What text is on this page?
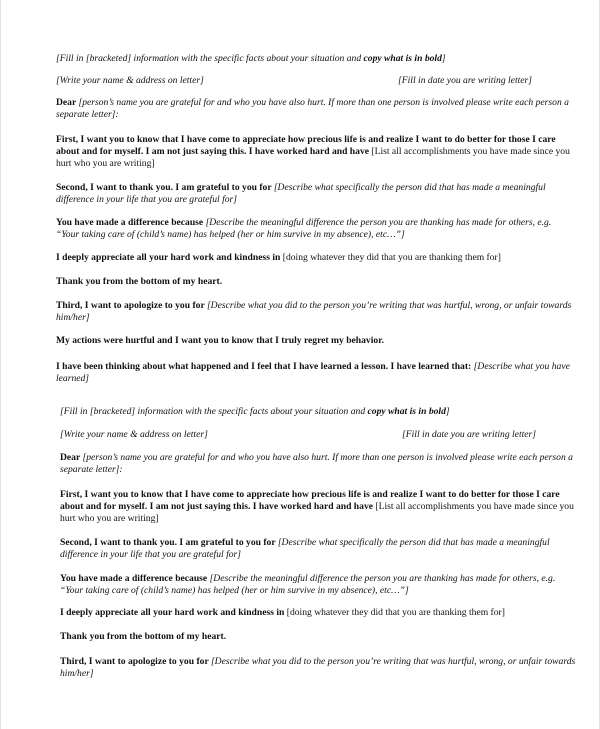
[Fill in [bracketed] information with the specific facts about your situation and copy what is in bold]

[Write your name & address on letter]	[Fill in date you are writing letter]

Dear [person’s name you are grateful for and who you have also hurt. If more than one person is involved please write each person a separate letter]:

First, I want you to know that I have come to appreciate how precious life is and realize I want to do better for those I care about and for myself. I am not just saying this. I have worked hard and have [List all accomplishments you have made since you hurt who you are writing]

Second, I want to thank you. I am grateful to you for [Describe what specifically the person did that has made a meaningful difference in your life that you are grateful for]

You have made a difference because [Describe the meaningful difference the person you are thanking has made for others, e.g. “Your taking care of (child’s name) has helped (her or him survive in my absence), etc…”]

I deeply appreciate all your hard work and kindness in [doing whatever they did that you are thanking them for]

Thank you from the bottom of my heart.

Third, I want to apologize to you for [Describe what you did to the person you’re writing that was hurtful, wrong, or unfair towards him/her]

My actions were hurtful and I want you to know that I truly regret my behavior.

I have been thinking about what happened and I feel that I have learned a lesson. I have learned that: [Describe what you have learned]

[Fill in [bracketed] information with the specific facts about your situation and copy what is in bold]

[Write your name & address on letter]	[Fill in date you are writing letter]

Dear [person’s name you are grateful for and who you have also hurt. If more than one person is involved please write each person a separate letter]:

First, I want you to know that I have come to appreciate how precious life is and realize I want to do better for those I care about and for myself. I am not just saying this. I have worked hard and have [List all accomplishments you have made since you hurt who you are writing]

Second, I want to thank you. I am grateful to you for [Describe what specifically the person did that has made a meaningful difference in your life that you are grateful for]

You have made a difference because [Describe the meaningful difference the person you are thanking has made for others, e.g. “Your taking care of (child’s name) has helped (her or him survive in my absence), etc…”]

I deeply appreciate all your hard work and kindness in [doing whatever they did that you are thanking them for]

Thank you from the bottom of my heart.

Third, I want to apologize to you for [Describe what you did to the person you’re writing that was hurtful, wrong, or unfair towards him/her]
